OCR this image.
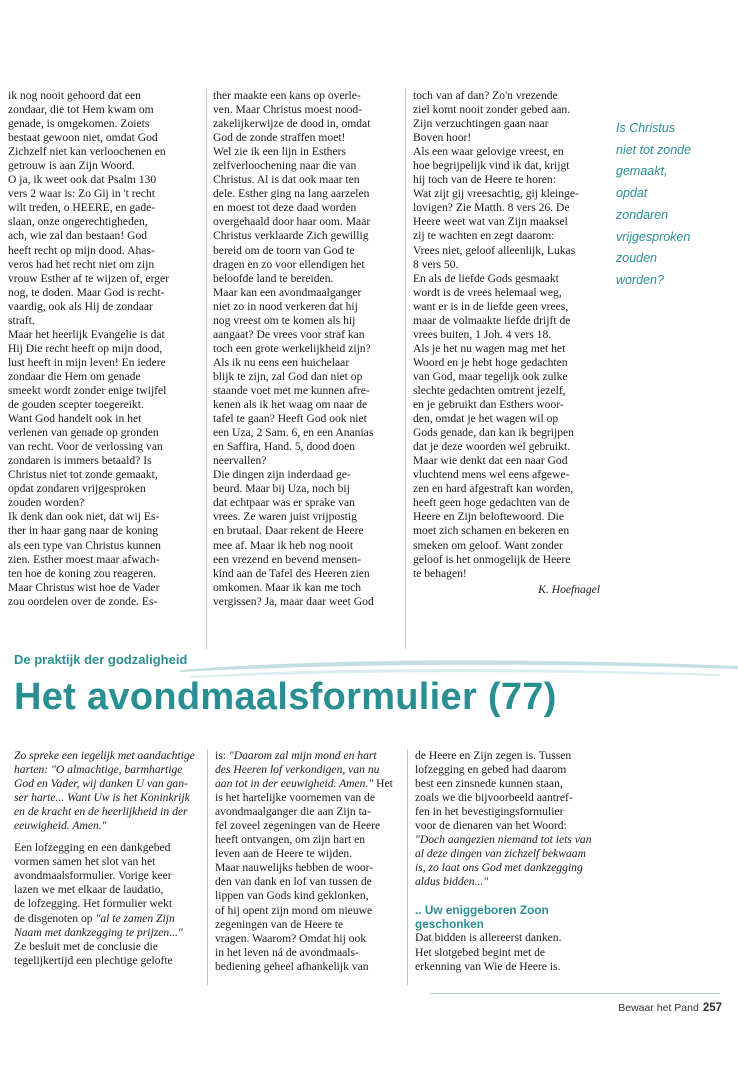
ik nog nooit gehoord dat een

zondaar, die tot Hem kwam om

genade, is omgekomen. Zoiets

bestaat gewoon niet, omdat God

Zichzelf niet kan verloochenen en

getrouw is aan Zijn Woord.

O ja, ik weet ook dat Psalm 130

vers 2 waar is: Zo Gij in 't recht

wilt treden, o HEERE, en gade-

slaan, onze ongerechtigheden,

ach, wie zal dan bestaan! God

heeft recht op mijn dood. Ahas-

veros had het recht niet om zijn

vrouw Esther af te wijzen of, erger

nog, te doden. Maar God is recht-

vaardig, ook als Hij de zondaar

straft.

Maar het heerlijk Evangelie is dat

Hij Die recht heeft op mijn dood,

lust heeft in mijn leven! En iedere

zondaar die Hem om genade

smeekt wordt zonder enige twijfel

de gouden scepter toegereikt.

Want God handelt ook in het

verlenen van genade op gronden

van recht. Voor de verlossing van

zondaren is immers betaald? Is

Christus niet tot zonde gemaakt,

opdat zondaren vrijgesproken

zouden worden?

Ik denk dan ook niet, dat wij Es-

ther in haar gang naar de koning

als een type van Christus kunnen

zien. Esther moest maar afwach-

ten hoe de koning zou reageren.

Maar Christus wist hoe de Vader

zou oordelen over de zonde. Es-

ther maakte een kans op overle-

ven. Maar Christus moest nood-

zakelijkerwijze de dood in, omdat

God de zonde straffen moet!

Wel zie ik een lijn in Esthers

zelfverloochening naar die van

Christus. Al is dat ook maar ten

dele. Esther ging na lang aarzelen

en moest tot deze daad worden

overgehaald door haar oom. Maar

Christus verklaarde Zich gewillig

bereid om de toorn van God te

dragen en zo voor ellendigen het

beloofde land te bereiden.

Maar kan een avondmaalganger

niet zo in nood verkeren dat hij

nog vreest om te komen als hij

aangaat? De vrees voor straf kan

toch een grote werkelijkheid zijn?

Als ik nu eens een huichelaar

blijk te zijn, zal God dan niet op

staande voet met me kunnen afre-

kenen als ik het waag om naar de

tafel te gaan? Heeft God ook niet

een Uza, 2 Sam. 6, en een Ananias

en Saffira, Hand. 5, dood doen

neervallen?

Die dingen zijn inderdaad ge-

beurd. Maar bij Uza, noch bij

dat echtpaar was er sprake van

vrees. Ze waren juist vrijpostig

en brutaal. Daar rekent de Heere

mee af. Maar ik heb nog nooit

een vrezend en bevend mensen-

kind aan de Tafel des Heeren zien

omkomen. Maar ik kan me toch

vergissen? Ja, maar daar weet God

toch van af dan? Zo'n vrezende

ziel komt nooit zonder gebed aan.

Zijn verzuchtingen gaan naar

Boven hoor!

Als een waar gelovige vreest, en

hoe begrijpelijk vind ik dat, krijgt

hij toch van de Heere te horen:

Wat zijt gij vreesachtig, gij kleinge-

lovigen? Zie Matth. 8 vers 26. De

Heere weet wat van Zijn maaksel

zij te wachten en zegt daarom:

Vrees niet, geloof alleenlijk, Lukas

8 vers 50.

En als de liefde Gods gesmaakt

wordt is de vrees helemaal weg,

want er is in de liefde geen vrees,

maar de volmaakte liefde drijft de

vrees buiten, 1 Joh. 4 vers 18.

Als je het nu wagen mag met het

Woord en je hebt hoge gedachten

van God, maar tegelijk ook zulke

slechte gedachten omtrent jezelf,

en je gebruikt dan Esthers woor-

den, omdat je het wagen wil op

Gods genade, dan kan ik begrijpen

dat je deze woorden wel gebruikt.

Maar wie denkt dat een naar God

vluchtend mens wel eens afgewe-

zen en hard afgestraft kan worden,

heeft geen hoge gedachten van de

Heere en Zijn beloftewoord. Die

moet zich schamen en bekeren en

smeken om geloof. Want zonder

geloof is het onmogelijk de Heere

te behagen!

K. Hoefnagel

Is Christus

niet tot zonde

gemaakt,

opdat

zondaren

vrijgesproken

zouden

worden?

De praktijk der godzaligheid
Het avondmaalsformulier (77)

Zo spreke een iegelijk met aandachtige

harten: "O almachtige, barmhartige

God en Vader, wij danken U van gan-

ser harte... Want Uw is het Koninkrijk

en de kracht en de heerlijkheid in der

eeuwigheid. Amen."

Een lofzegging en een dankgebed

vormen samen het slot van het

avondmaalsformulier. Vorige keer

lazen we met elkaar de laudatio,

de lofzegging. Het formulier wekt

de disgenoten op "al te zamen Zijn

Naam met dankzegging te prijzen..."

Ze besluit met de conclusie die

tegelijkertijd een plechtige gelofte

is: "Daarom zal mijn mond en hart

des Heeren lof verkondigen, van nu

aan tot in der eeuwigheid. Amen." Het

is het hartelijke voornemen van de

avondmaalganger die aan Zijn ta-

fel zoveel zegeningen van de Heere

heeft ontvangen, om zijn hart en

leven aan de Heere te wijden.

Maar nauwelijks hebben de woor-

den van dank en lof van tussen de

lippen van Gods kind geklonken,

of hij opent zijn mond om nieuwe

zegeningen van de Heere te

vragen. Waarom? Omdat hij ook

in het leven ná de avondmaals-

bediening geheel afhankelijk van

de Heere en Zijn zegen is. Tussen

lofzegging en gebed had daarom

best een zinsnede kunnen staan,

zoals we die bijvoorbeeld aantref-

fen in het bevestigingsformulier

voor de dienaren van het Woord:

"Doch aangezien niemand tot iets van

al deze dingen van zichzelf bekwaam

is, zo laat ons God met dankzegging

aldus bidden..."

.. Uw eniggeboren Zoon

geschonken

Dat bidden is allereerst danken.

Het slotgebed begint met de

erkenning van Wie de Heere is.

Bewaar het Pand 257
